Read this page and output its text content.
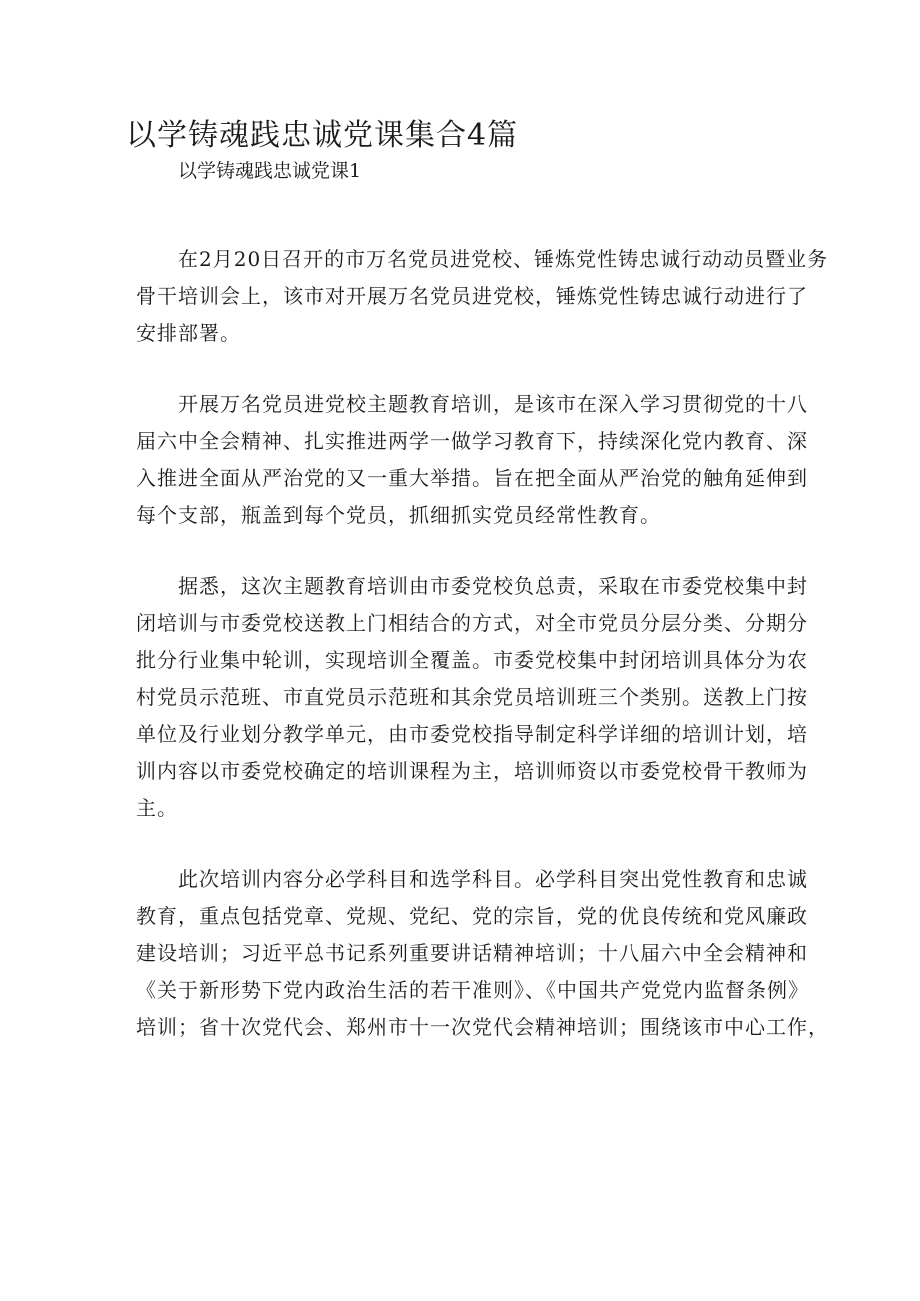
以学铸魂践忠诚党课集合4篇

以学铸魂践忠诚党课1

在2月20日召开的市万名党员进党校、锤炼党性铸忠诚行动动员暨业务
骨干培训会上，该市对开展万名党员进党校，锤炼党性铸忠诚行动进行了
安排部署。

开展万名党员进党校主题教育培训，是该市在深入学习贯彻党的十八
届六中全会精神、扎实推进两学一做学习教育下，持续深化党内教育、深
入推进全面从严治党的又一重大举措。旨在把全面从严治党的触角延伸到
每个支部，瓶盖到每个党员，抓细抓实党员经常性教育。

据悉，这次主题教育培训由市委党校负总责，采取在市委党校集中封
闭培训与市委党校送教上门相结合的方式，对全市党员分层分类、分期分
批分行业集中轮训，实现培训全覆盖。市委党校集中封闭培训具体分为农
村党员示范班、市直党员示范班和其余党员培训班三个类别。送教上门按
单位及行业划分教学单元，由市委党校指导制定科学详细的培训计划，培
训内容以市委党校确定的培训课程为主，培训师资以市委党校骨干教师为
主。

此次培训内容分必学科目和选学科目。必学科目突出党性教育和忠诚
教育，重点包括党章、党规、党纪、党的宗旨，党的优良传统和党风廉政
建设培训；习近平总书记系列重要讲话精神培训；十八届六中全会精神和
《关于新形势下党内政治生活的若干准则》、《中国共产党党内监督条例》
培训；省十次党代会、郑州市十一次党代会精神培训；围绕该市中心工作，
